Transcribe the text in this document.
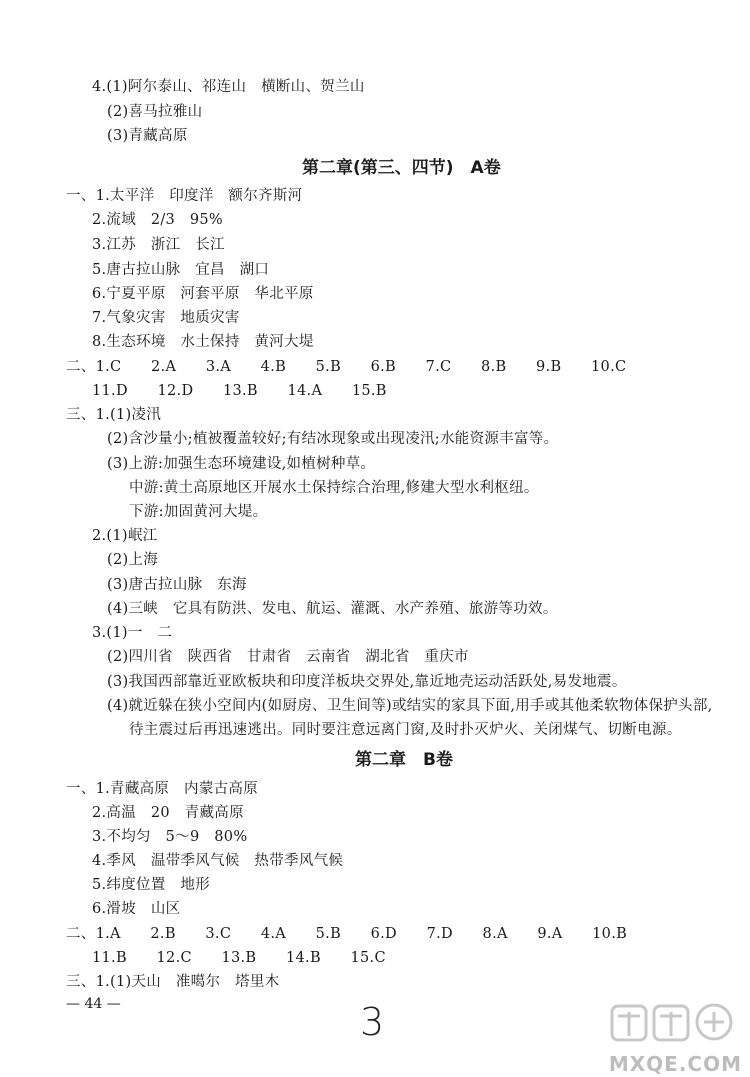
4.(1)阿尔泰山、祁连山　横断山、贺兰山
(2)喜马拉雅山
(3)青藏高原
第二章(第三、四节)　A卷
一、1.太平洋　印度洋　额尔齐斯河
2.流域　2/3　95%
3.江苏　浙江　长江
5.唐古拉山脉　宜昌　湖口
6.宁夏平原　河套平原　华北平原
7.气象灾害　地质灾害
8.生态环境　水土保持　黄河大堤
二、1.C　　2.A　　3.A　　4.B　　5.B　　6.B　　7.C　　8.B　　9.B　　10.C
11.D　　12.D　　13.B　　14.A　　15.B
三、1.(1)凌汛
(2)含沙量小;植被覆盖较好;有结冰现象或出现凌汛;水能资源丰富等。
(3)上游:加强生态环境建设,如植树种草。
中游:黄土高原地区开展水土保持综合治理,修建大型水利枢纽。
下游:加固黄河大堤。
2.(1)岷江
(2)上海
(3)唐古拉山脉　东海
(4)三峡　它具有防洪、发电、航运、灌溉、水产养殖、旅游等功效。
3.(1)一　二
(2)四川省　陕西省　甘肃省　云南省　湖北省　重庆市
(3)我国西部靠近亚欧板块和印度洋板块交界处,靠近地壳运动活跃处,易发地震。
(4)就近躲在狭小空间内(如厨房、卫生间等)或结实的家具下面,用手或其他柔软物体保护头部,
待主震过后再迅速逃出。同时要注意远离门窗,及时扑灭炉火、关闭煤气、切断电源。
第二章　B卷
一、1.青藏高原　内蒙古高原
2.高温　20　青藏高原
3.不均匀　5～9　80%
4.季风　温带季风气候　热带季风气候
5.纬度位置　地形
6.滑坡　山区
二、1.A　　2.B　　3.C　　4.A　　5.B　　6.D　　7.D　　8.A　　9.A　　10.B
11.B　　12.C　　13.B　　14.B　　15.C
三、1.(1)天山　准噶尔　塔里木
— 44 —	3
MXQE.COM
